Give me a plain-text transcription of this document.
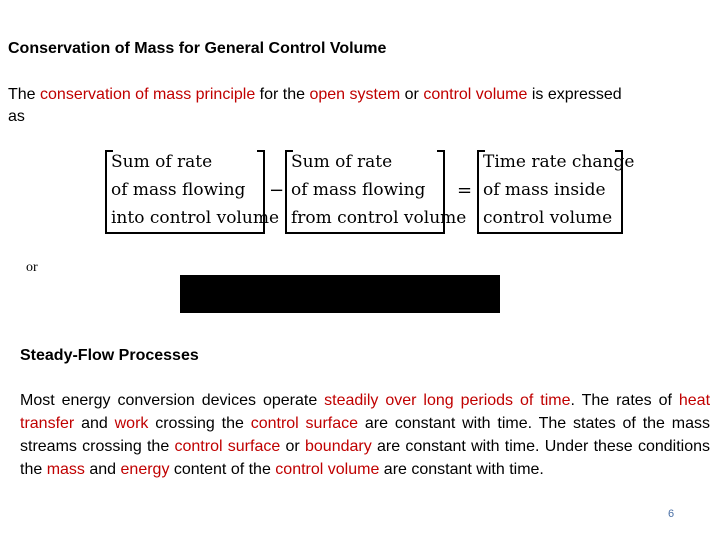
Conservation of Mass for General Control Volume
The conservation of mass principle for the open system or control volume is expressed as
Sum of rate
of mass flowing
into control volume
−
Sum of rate
of mass flowing
from control volume
=
Time rate change
of mass inside
control volume
or
Steady-Flow Processes
Most energy conversion devices operate steadily over long periods of time. The rates of heat transfer and work crossing the control surface are constant with time. The states of the mass streams crossing the control surface or boundary are constant with time. Under these conditions the mass and energy content of the control volume are constant with time.
6
